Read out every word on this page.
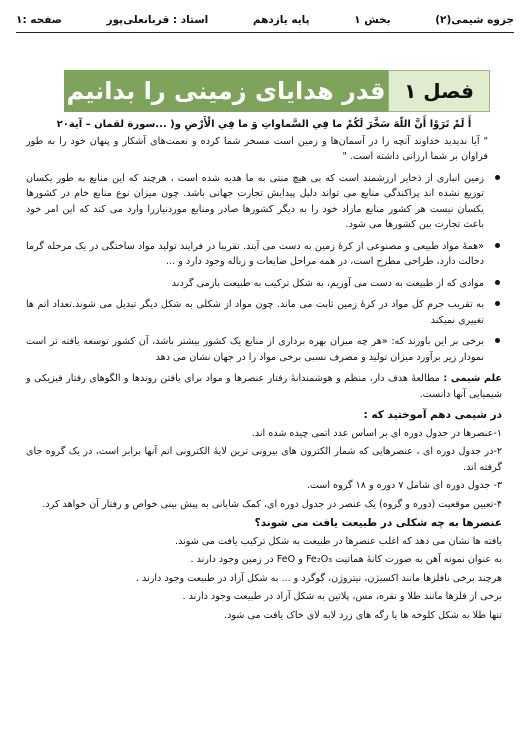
جزوه شیمی(۲)
بخش ۱
پایه یازدهم
استاد : قربانعلی‌پور
صفحه :۱
فصل ۱
قدر هدایای زمینی را بدانیم
أَ لَمْ تَرَوْا أَنَّ اللّهَ سَخَّرَ لَكُمْ ما فِي السَّماواتِ وَ ما فِي الْأَرْضِ و( ...سورة لقمان – آیة۲۰
" آیا ندیدید خداوند آنچه را در آسمان‌ها و زمین است مسخر شما کرده و نعمت‌های آشکار و پنهان خود را به طور فراوان بر شما ارزانی داشته است. "
زمین انباری از ذخایر ارزشمند است که بی هیچ منتی به ما هدیه شده است ، هرچند که این منابع به طور یکسان توزیع نشده اند پراکندگی منابع می تواند دلیل پیدایش تجارت جهانی باشد. چون میزان نوع منابع خام در کشورها یکسان نیست هر کشور منابع مازاد خود را به دیگر کشورها صادر ومنابع موردنیازرا وارد می کند که این امر خود باعث تجارت بین کشورها می شود.
«همهٔ مواد طبیعی و مصنوعی از کرهٔ زمین به دست می آیند. تقریبا در فرایند تولید مواد ساختگی در یک مرحله گرما دخالت دارد، طراحی مطرح است، در همه مراحل ضایعات و زباله وجود دارد و ...
موادی که از طبیعت به دست می آوریم، به شکل ترکیب به طبیعت بازمی گردند
به تقریب جرم کل مواد در کرهٔ زمین ثابت می ماند. چون مواد از شکلی به شکل دیگر تبدیل می شوند.تعداد اتم ها تغییری نمیکند
برخی بر این باورند که: «هر چه میزان بهره برداری از منابع یک کشور بیشتر باشد، آن کشور توسعه یافته تر است نمودار زیر برآورد میزان تولید و مصرف نسبی برخی مواد را در جهان نشان می دهد
علم شیمی : مطالعهٔ هدف دار، منظم و هوشمندانهٔ رفتار عنصرها و مواد برای یافتن روندها و الگوهای رفتار فیزیکی و شیمیایی آنها دانست.
در شیمی دهم آموختید که :
۱-عنصرها در جدول دوره ای بر اساس عدد اتمی چیده شده اند.
۲-در جدول دوره ای ، عنصرهایی که شمار الکترون های بیرونی ترین لایهٔ الکترونی اتم آنها برابر است، در یک گروه جای گرفته اند.
۳- جدول دوره ای شامل ۷ دوره و ۱۸ گروه است.
۴-تعیین موقعیت (دوره و گروه) یک عنصر در جدول دوره ای، کمک شایانی به پیش بینی خواص و رفتار آن خواهد کرد.
عنصرها به چه شکلی در طبیعت یافت می شوند؟
یافته ها نشان می دهد که اغلب عنصرها در طبیعت به شکل ترکیب یافت می شوند.
به عنوان نمونه آهن به صورت کانهٔ هماتیت Fe₂O₃ و FeO در زمین وجود دارند .
هرچند برخی نافلزها مانند اکسیژن، نیتروژن، گوگرد و ... به شکل آزاد در طبیعت وجود دارند .
برخی از فلزها مانند طلا و نقره، مس، پلاتین به شکل آزاد در طبیعت وجود دارند .
تنها طلا به شکل کلوخه ها یا رگه های زرد لابه لای خاک یافت می شود.
